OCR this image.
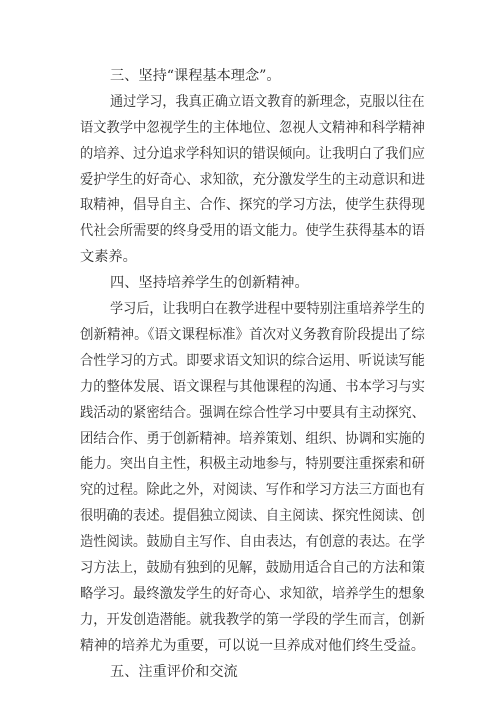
三、坚持“课程基本理念”。

通过学习，我真正确立语文教育的新理念，克服以往在

语文教学中忽视学生的主体地位、忽视人文精神和科学精神

的培养、过分追求学科知识的错误倾向。让我明白了我们应

爱护学生的好奇心、求知欲，充分激发学生的主动意识和进

取精神，倡导自主、合作、探究的学习方法，使学生获得现

代社会所需要的终身受用的语文能力。使学生获得基本的语

文素养。

四、坚持培养学生的创新精神。

学习后，让我明白在教学进程中要特别注重培养学生的

创新精神。《语文课程标准》首次对义务教育阶段提出了综

合性学习的方式。即要求语文知识的综合运用、听说读写能

力的整体发展、语文课程与其他课程的沟通、书本学习与实

践活动的紧密结合。强调在综合性学习中要具有主动探究、

团结合作、勇于创新精神。培养策划、组织、协调和实施的

能力。突出自主性，积极主动地参与，特别要注重探索和研

究的过程。除此之外，对阅读、写作和学习方法三方面也有

很明确的表述。提倡独立阅读、自主阅读、探究性阅读、创

造性阅读。鼓励自主写作、自由表达，有创意的表达。在学

习方法上，鼓励有独到的见解，鼓励用适合自己的方法和策

略学习。最终激发学生的好奇心、求知欲，培养学生的想象

力，开发创造潜能。就我教学的第一学段的学生而言，创新

精神的培养尤为重要，可以说一旦养成对他们终生受益。

五、注重评价和交流
